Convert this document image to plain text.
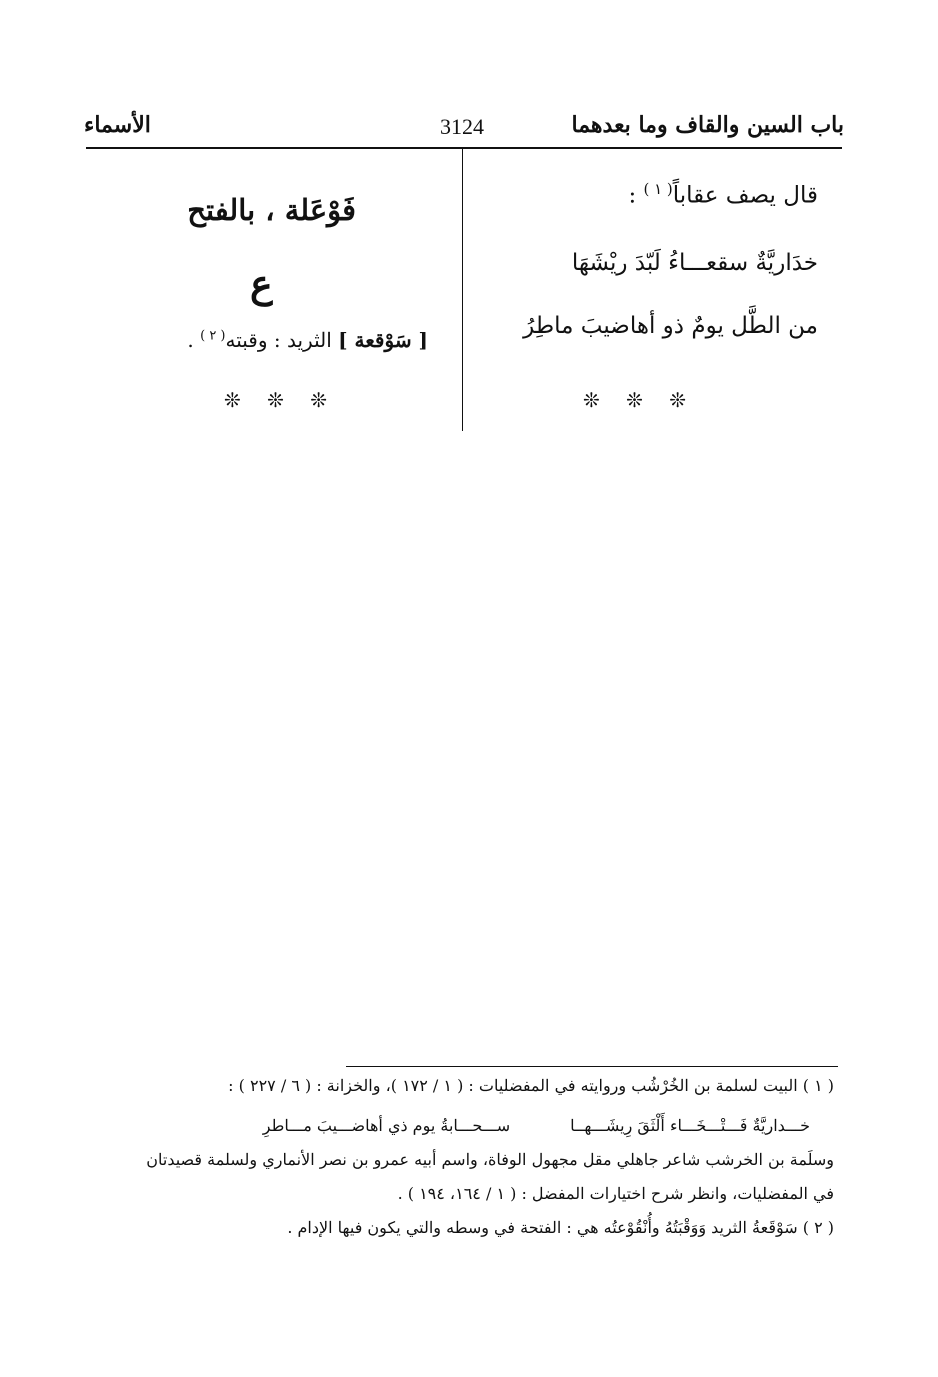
باب السين والقاف وما بعدهما
3124
الأسماء
قال يصف عقاباً$^{( ١ )}$ :
خدَاريَّةٌ سقعـــاءُ لَبّدَ ريْشَهَا
من الطَّل يومٌ ذو أهاضيبَ ماطِرُ
❊ ❊ ❊
فَوْعَلة ، بالفتح
ع
[ سَوْقعة ] الثريد : وقبته$^{( ٢ )}$ .
❊ ❊ ❊
( ١ ) البيت لسلمة بن الخُرْشُب وروايته في المفضليات : ( ١ / ١٧٢ )، والخزانة : ( ٦ / ٢٢٧ ) :
خـــداريَّةٌ فَـــتْـــخَـــاء أَلْثَقَ رِيشَـــهــاســـحـــابةُ يوم ذي أهاضـــيبَ مـــاطرِ
وسلَمة بن الخرشب شاعر جاهلي مقل مجهول الوفاة، واسم أبيه عمرو بن نصر الأنماري ولسلمة قصيدتان
في المفضليات، وانظر شرح اختيارات المفضل : ( ١ / ١٦٤، ١٩٤ ) .
( ٢ ) سَوْقَعةُ الثريد وَوَقْبَتُهُ وأُنْقُوْعتُه هي : الفتحة في وسطه والتي يكون فيها الإدام .
